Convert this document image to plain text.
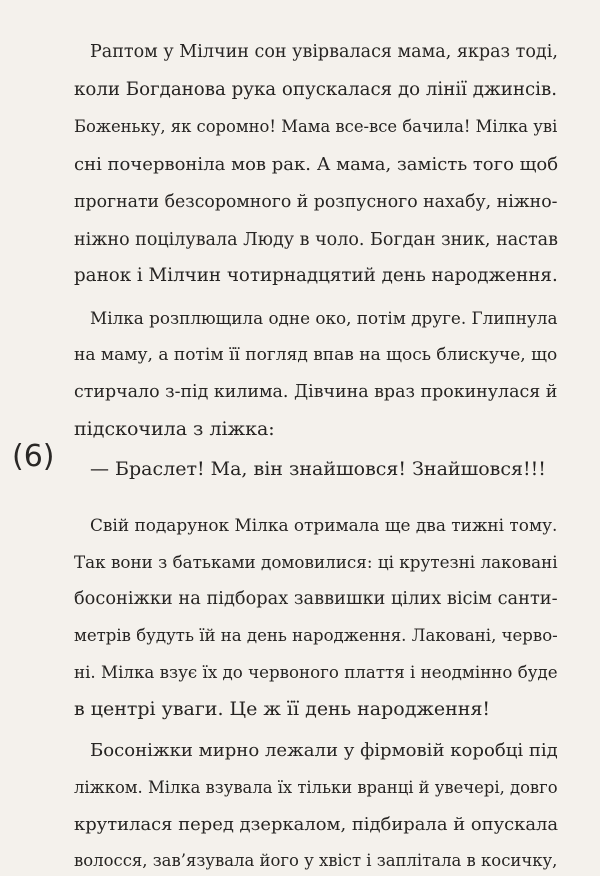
Раптом у Мілчин сон увірвалася мама, якраз тоді,
коли Богданова рука опускалася до лінії джинсів.
Боженьку, як соромно! Мама все-все бачила! Мілка уві
сні почервоніла мов рак. А мама, замість того щоб
прогнати безсоромного й розпусного нахабу, ніжно-
ніжно поцілувала Люду в чоло. Богдан зник, настав
ранок і Мілчин чотирнадцятий день народження.
Мілка розплющила одне око, потім друге. Глипнула
на маму, а потім її погляд впав на щось блискуче, що
стирчало з-під килима. Дівчина враз прокинулася й
підскочила з ліжка:
— Браслет! Ма, він знайшовся! Знайшовся!!!
(6)
Свій подарунок Мілка отримала ще два тижні тому.
Так вони з батьками домовилися: ці крутезні лаковані
босоніжки на підборах заввишки цілих вісім санти-
метрів будуть їй на день народження. Лаковані, черво-
ні. Мілка взує їх до червоного плаття і неодмінно буде
в центрі уваги. Це ж її день народження!
Босоніжки мирно лежали у фірмовій коробці під
ліжком. Мілка взувала їх тільки вранці й увечері, довго
крутилася перед дзеркалом, підбирала й опускала
волосся, зав’язувала його у хвіст і заплітала в косичку,
